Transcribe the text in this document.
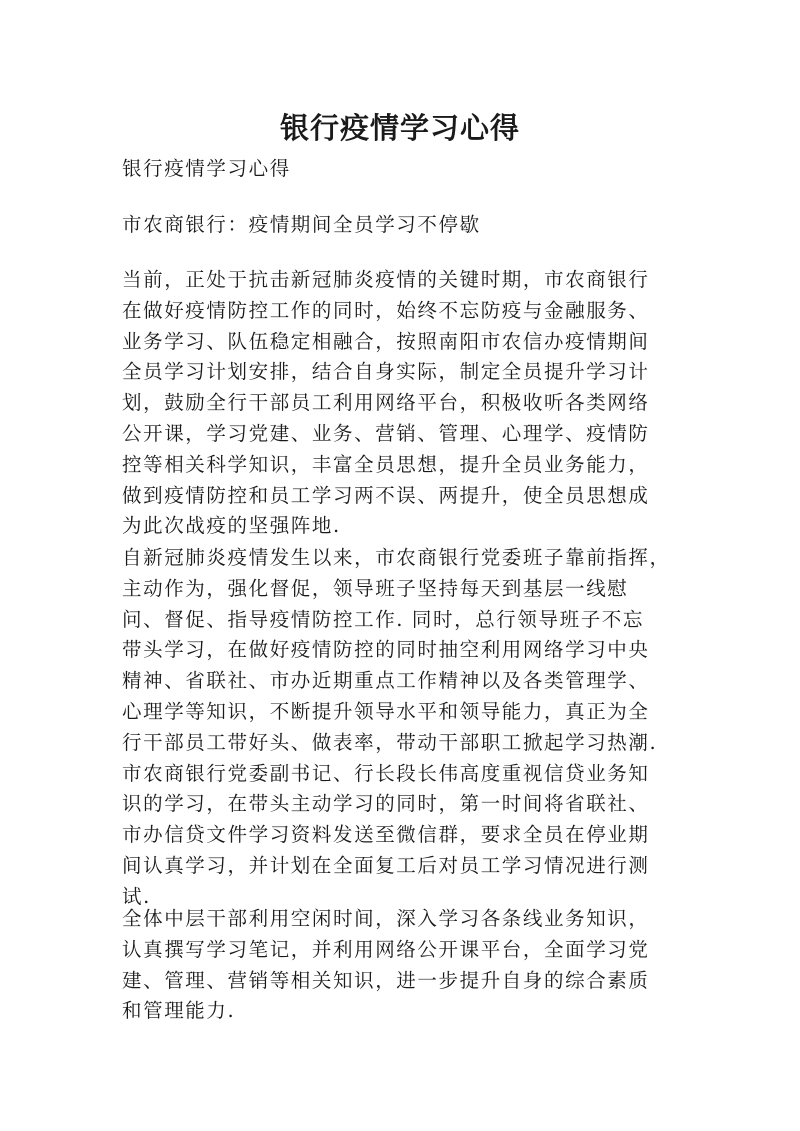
银行疫情学习心得
银行疫情学习心得
市农商银行：疫情期间全员学习不停歇
当前，正处于抗击新冠肺炎疫情的关键时期，市农商银行
在做好疫情防控工作的同时，始终不忘防疫与金融服务、
业务学习、队伍稳定相融合，按照南阳市农信办疫情期间
全员学习计划安排，结合自身实际，制定全员提升学习计
划，鼓励全行干部员工利用网络平台，积极收听各类网络
公开课，学习党建、业务、营销、管理、心理学、疫情防
控等相关科学知识，丰富全员思想，提升全员业务能力，
做到疫情防控和员工学习两不误、两提升，使全员思想成
为此次战疫的坚强阵地.
自新冠肺炎疫情发生以来，市农商银行党委班子靠前指挥，
主动作为，强化督促，领导班子坚持每天到基层一线慰
问、督促、指导疫情防控工作. 同时，总行领导班子不忘
带头学习，在做好疫情防控的同时抽空利用网络学习中央
精神、省联社、市办近期重点工作精神以及各类管理学、
心理学等知识，不断提升领导水平和领导能力，真正为全
行干部员工带好头、做表率，带动干部职工掀起学习热潮.
市农商银行党委副书记、行长段长伟高度重视信贷业务知
识的学习，在带头主动学习的同时，第一时间将省联社、
市办信贷文件学习资料发送至微信群，要求全员在停业期
间认真学习，并计划在全面复工后对员工学习情况进行测
试.
全体中层干部利用空闲时间，深入学习各条线业务知识，
认真撰写学习笔记，并利用网络公开课平台，全面学习党
建、管理、营销等相关知识，进一步提升自身的综合素质
和管理能力.
